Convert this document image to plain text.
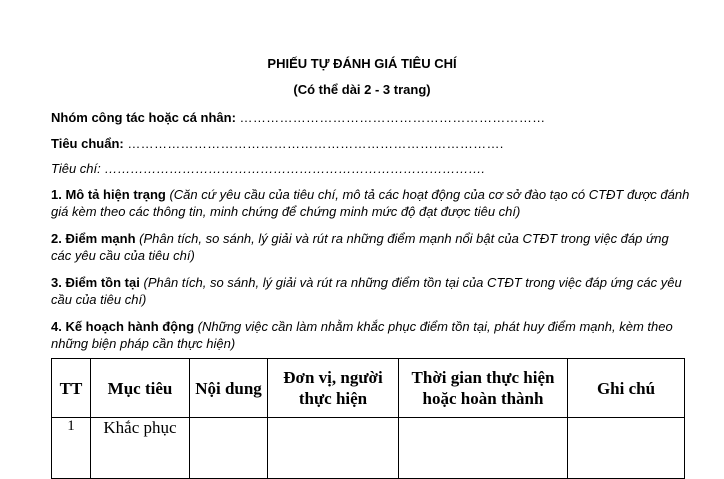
PHIẾU TỰ ĐÁNH GIÁ TIÊU CHÍ
(Có thể dài 2 - 3 trang)
Nhóm công tác hoặc cá nhân: ……………………………………………………………
Tiêu chuẩn: ………………………………………………………………………….
Tiêu chí: …………………………………………………………………………….
1. Mô tả hiện trạng (Căn cứ yêu cầu của tiêu chí, mô tả các hoạt động của cơ sở đào tạo có CTĐT được đánh giá kèm theo các thông tin, minh chứng để chứng minh mức độ đạt được tiêu chí)
2. Điểm mạnh (Phân tích, so sánh, lý giải và rút ra những điểm mạnh nổi bật của CTĐT trong việc đáp ứng các yêu cầu của tiêu chí)
3. Điểm tồn tại (Phân tích, so sánh, lý giải và rút ra những điểm tồn tại của CTĐT trong việc đáp ứng các yêu cầu của tiêu chí)
4. Kế hoạch hành động (Những việc cần làm nhằm khắc phục điểm tồn tại, phát huy điểm mạnh, kèm theo những biện pháp cần thực hiện)
TT	Mục tiêu	Nội dung	Đơn vị, người thực hiện	Thời gian thực hiện hoặc hoàn thành	Ghi chú
1	Khắc phục				
